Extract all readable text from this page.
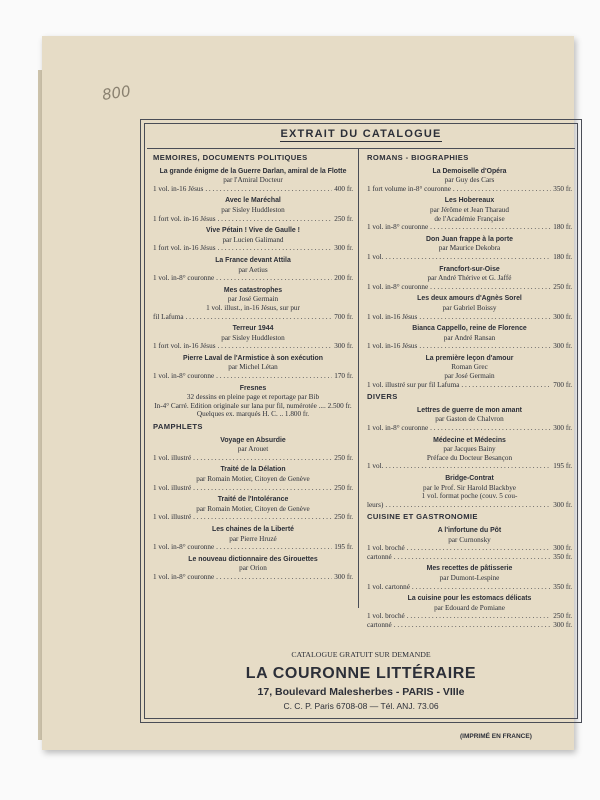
800
EXTRAIT DU CATALOGUE
MEMOIRES, DOCUMENTS POLITIQUES
La grande énigme de la Guerre Darlan, amiral de la Flotte
par l'Amiral Docteur
1 vol. in-16 Jésus . . .	400 fr.
Avec le Maréchal
par Sisley Huddleston
1 fort vol. in-16 Jésus . . .	250 fr.
Vive Pétain ! Vive de Gaulle !
par Lucien Galimand
1 fort vol. in-16 Jésus . . .	300 fr.
La France devant Attila
par Aetius
1 vol. in-8° couronne . . .	200 fr.
Mes catastrophes
par José Germain
1 vol. illust., in-16 Jésus, sur pur
fil Lafuma . . .	700 fr.
Terreur 1944
par Sisley Huddleston
1 fort vol. in-16 Jésus . . .	300 fr.
Pierre Laval de l'Armistice à son exécution
par Michel Létan
1 vol. in-8° couronne . . .	170 fr.
Fresnes
32 dessins en pleine page et reportage par Bib
In-4° Carré. Edition originale sur lana pur fil, numérotée .... 2.500 fr.
Quelques ex. marqués H. C. .. 1.800 fr.
PAMPHLETS
Voyage en Absurdie
par Arouet
1 vol. illustré . . .	250 fr.
Traité de la Délation
par Romain Motier, Citoyen de Genève
1 vol. illustré . . .	250 fr.
Traité de l'Intolérance
par Romain Motier, Citoyen de Genève
1 vol. illustré . . .	250 fr.
Les chaines de la Liberté
par Pierre Hruzé
1 vol. in-8° couronne . . .	195 fr.
Le nouveau dictionnaire des Girouettes
par Orion
1 vol. in-8° couronne . . .	300 fr.
ROMANS - BIOGRAPHIES
La Demoiselle d'Opéra
par Guy des Cars
1 fort volume in-8° couronne . . .	350 fr.
Les Hobereaux
par Jérôme et Jean Tharaud
de l'Académie Française
1 vol. in-8° couronne . . .	180 fr.
Don Juan frappe à la porte
par Maurice Dekobra
1 vol. . . .	180 fr.
Francfort-sur-Oise
par André Thérive et G. Jaffé
1 vol. in-8° couronne . . .	250 fr.
Les deux amours d'Agnès Sorel
par Gabriel Boissy
1 vol. in-16 Jésus . . .	300 fr.
Bianca Cappello, reine de Florence
par André Ransan
1 vol. in-16 Jésus . . .	300 fr.
La première leçon d'amour
Roman Grec
par José Germain
1 vol. illustré sur pur fil Lafuma . . .	700 fr.
DIVERS
Lettres de guerre de mon amant
par Gaston de Chalvron
1 vol. in-8° couronne . . .	300 fr.
Médecine et Médecins
par Jacques Bainy
Préface du Docteur Besançon
1 vol. . . .	195 fr.
Bridge-Contrat
par le Prof. Sir Harold Blackbye
1 vol. format poche (couv. 5 cou-
leurs) . . .	300 fr.
CUISINE ET GASTRONOMIE
A l'infortune du Pôt
par Curnonsky
1 vol. broché . . .	300 fr.
cartonné . . .	350 fr.
Mes recettes de pâtisserie
par Dumont-Lespine
1 vol. cartonné . . .	350 fr.
La cuisine pour les estomacs délicats
par Edouard de Pomiane
1 vol. broché . . .	250 fr.
cartonné . . .	300 fr.
CATALOGUE GRATUIT SUR DEMANDE
LA COURONNE LITTÉRAIRE
17, Boulevard Malesherbes - PARIS - VIIIe
C. C. P. Paris 6708-08 — Tél. ANJ. 73.06
(IMPRIMÉ EN FRANCE)
